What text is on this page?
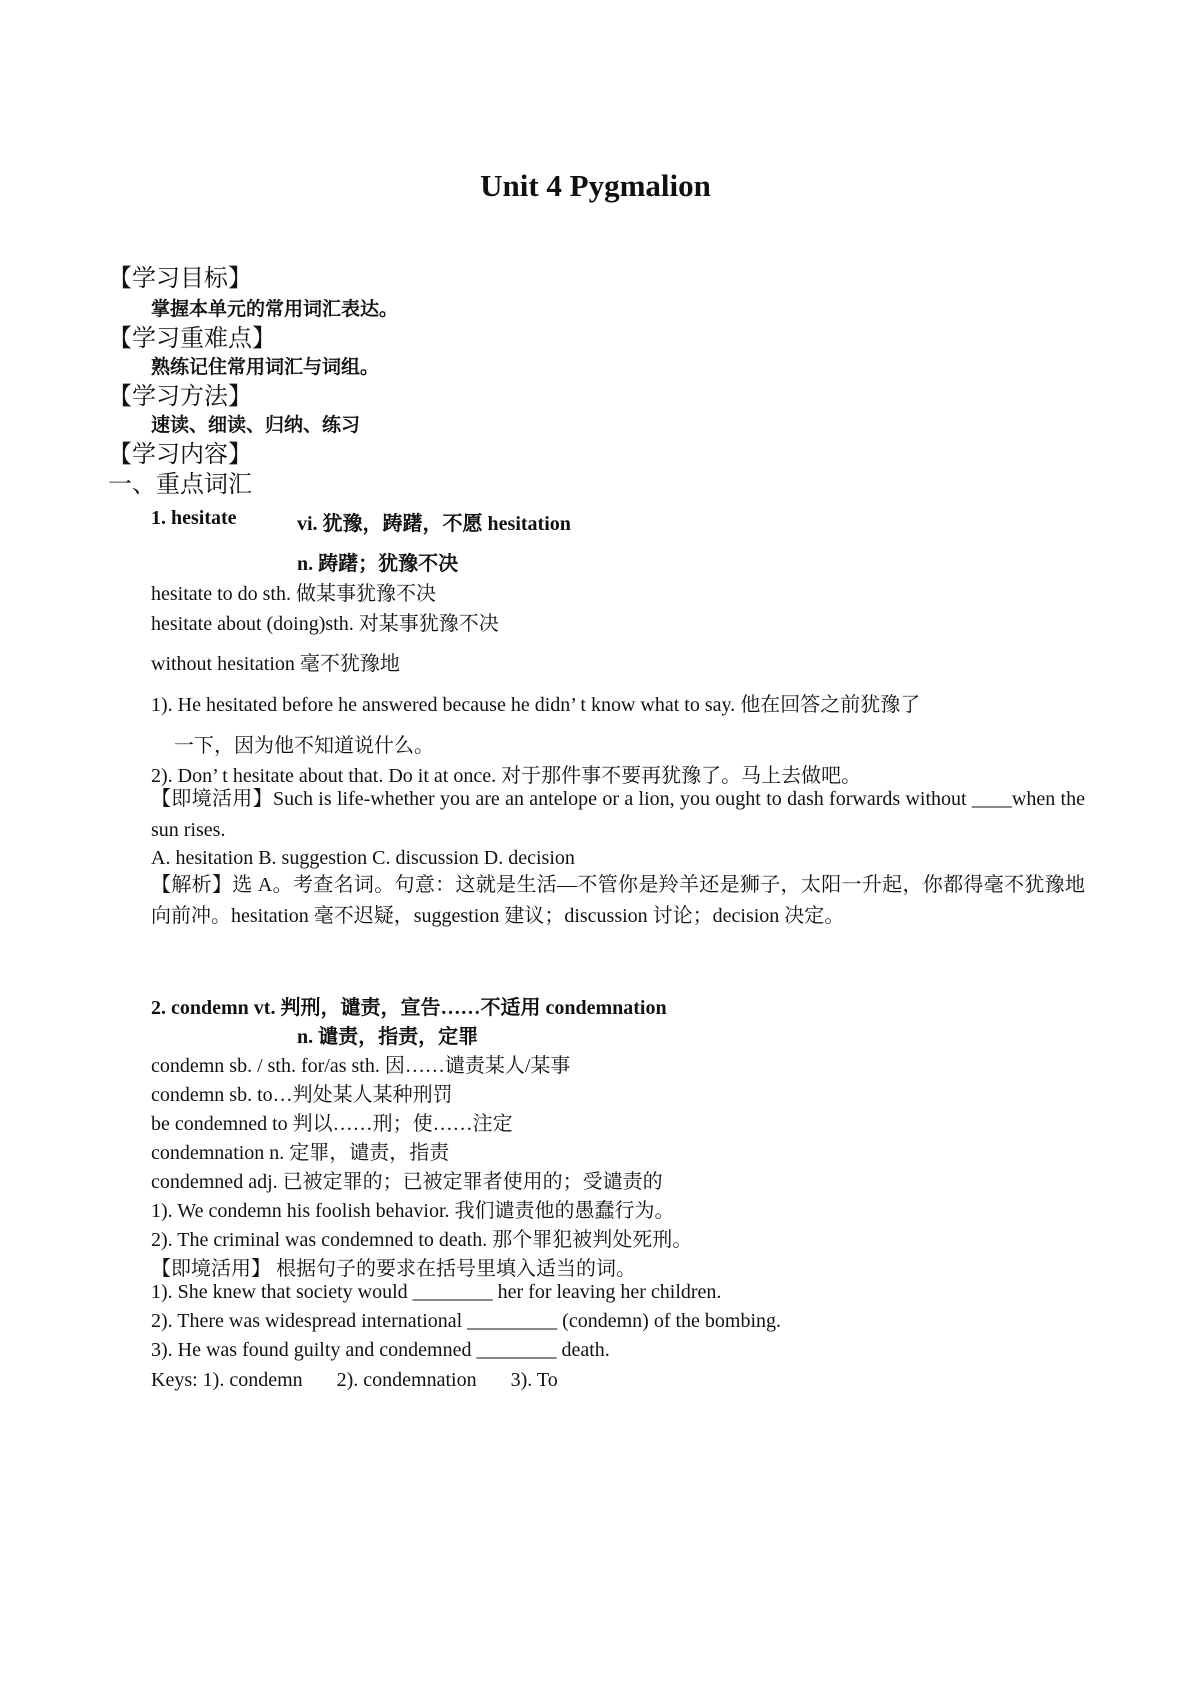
Unit 4 Pygmalion
【学习目标】
掌握本单元的常用词汇表达。
【学习重难点】
熟练记住常用词汇与词组。
【学习方法】
速读、细读、归纳、练习
【学习内容】
一、重点词汇
1. hesitate	vi. 犹豫，踌躇，不愿 hesitation
n. 踌躇；犹豫不决
hesitate to do sth. 做某事犹豫不决
hesitate about (doing)sth. 对某事犹豫不决
without hesitation 毫不犹豫地
1). He hesitated before he answered because he didn’ t know what to say. 他在回答之前犹豫了
一下，因为他不知道说什么。
2). Don’ t hesitate about that. Do it at once. 对于那件事不要再犹豫了。马上去做吧。
【即境活用】Such is life-whether you are an antelope or a lion, you ought to dash forwards without ____when the sun rises.
A. hesitation B. suggestion C. discussion D. decision
【解析】选 A。考查名词。句意：这就是生活—不管你是羚羊还是狮子，太阳一升起，你都得毫不犹豫地向前冲。hesitation 毫不迟疑，suggestion 建议；discussion 讨论；decision 决定。
2. condemn vt. 判刑，谴责，宣告……不适用 condemnation
n. 谴责，指责，定罪
condemn sb. / sth. for/as sth. 因……谴责某人/某事
condemn sb. to…判处某人某种刑罚
be condemned to 判以……刑；使……注定
condemnation n. 定罪，谴责，指责
condemned adj. 已被定罪的；已被定罪者使用的；受谴责的
1). We condemn his foolish behavior. 我们谴责他的愚蠢行为。
2). The criminal was condemned to death. 那个罪犯被判处死刑。
【即境活用】 根据句子的要求在括号里填入适当的词。
1). She knew that society would ________ her for leaving her children.
2). There was widespread international _________ (condemn) of the bombing.
3). He was found guilty and condemned ________ death.
Keys: 1). condemn 2). condemnation 3). To
